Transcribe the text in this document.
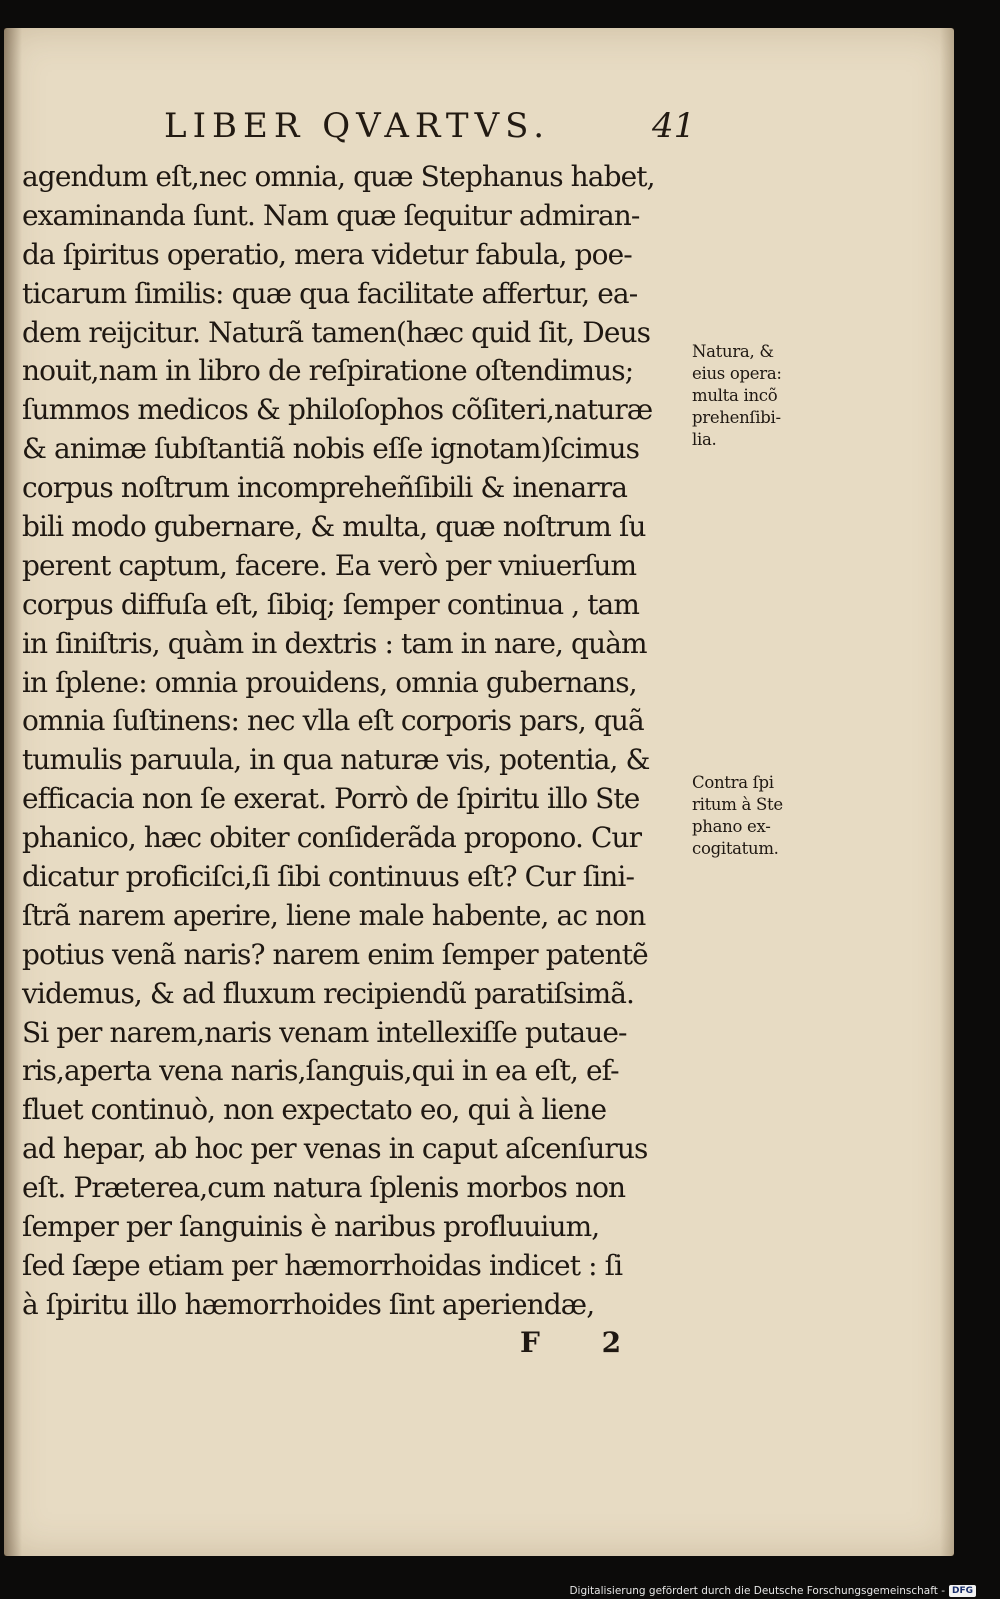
LIBER QVARTVS.	41
agendum eſt,nec omnia, quæ Stephanus habet,
examinanda ſunt. Nam quæ ſequitur admiran-
da ſpiritus operatio, mera videtur fabula, poe-
ticarum ſimilis: quæ qua facilitate affertur, ea-
dem reijcitur. Naturã tamen(hæc quid ſit, Deus
nouit,nam in libro de reſpiratione oſtendimus;
ſummos medicos & philoſophos cõſiteri,naturæ
& animæ ſubſtantiã nobis eſſe ignotam)ſcimus
corpus noſtrum incompreheñſibili & inenarra
bili modo gubernare, & multa, quæ noſtrum ſu
perent captum, facere. Ea verò per vniuerſum
corpus diffuſa eſt, ſibiq; ſemper continua , tam
in ſiniſtris, quàm in dextris : tam in nare, quàm
in ſplene: omnia prouidens, omnia gubernans,
omnia ſuſtinens: nec vlla eſt corporis pars, quã
tumulis paruula, in qua naturæ vis, potentia, &
efficacia non ſe exerat. Porrò de ſpiritu illo Ste
phanico, hæc obiter conſiderãda propono. Cur
dicatur proficiſci,ſi ſibi continuus eſt? Cur ſini-
ſtrã narem aperire, liene male habente, ac non
potius venã naris? narem enim ſemper patentẽ
videmus, & ad fluxum recipiendũ paratiſsimã.
Si per narem,naris venam intellexiſſe putaue-
ris,aperta vena naris,ſanguis,qui in ea eſt, ef-
fluet continuò, non expectato eo, qui à liene
ad hepar, ab hoc per venas in caput aſcenſurus
eſt. Præterea,cum natura ſplenis morbos non
ſemper per ſanguinis è naribus profluuium,
ſed ſæpe etiam per hæmorrhoidas indicet : ſi
à ſpiritu illo hæmorrhoides ſint aperiendæ,
Natura, &
eius opera:
multa incõ
prehenſibi-
lia.
Contra ſpi
ritum à Ste
phano ex-
cogitatum.
F 2
Digitalisierung gefördert durch die Deutsche Forschungsgemeinschaft - DFG
